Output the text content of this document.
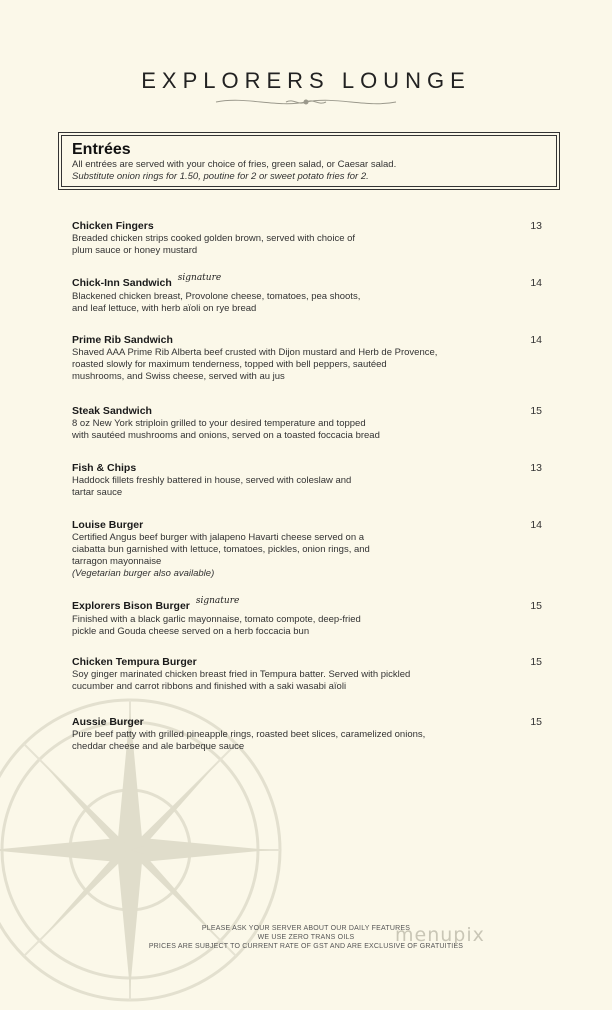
EXPLORERS LOUNGE
Entrées
All entrées are served with your choice of fries, green salad, or Caesar salad.
Substitute onion rings for 1.50, poutine for 2 or sweet potato fries for 2.
Chicken Fingers	13
Breaded chicken strips cooked golden brown, served with choice of
plum sauce or honey mustard
Chick-Inn Sandwich signature	14
Blackened chicken breast, Provolone cheese, tomatoes, pea shoots,
and leaf lettuce, with herb aïoli on rye bread
Prime Rib Sandwich	14
Shaved AAA Prime Rib Alberta beef crusted with Dijon mustard and Herb de Provence,
roasted slowly for maximum tenderness, topped with bell peppers, sautéed
mushrooms, and Swiss cheese, served with au jus
Steak Sandwich	15
8 oz New York striploin grilled to your desired temperature and topped
with sautéed mushrooms and onions, served on a toasted foccacia bread
Fish & Chips	13
Haddock fillets freshly battered in house, served with coleslaw and
tartar sauce
Louise Burger	14
Certified Angus beef burger with jalapeno Havarti cheese served on a
ciabatta bun garnished with lettuce, tomatoes, pickles, onion rings, and
tarragon mayonnaise
(Vegetarian burger also available)
Explorers Bison Burger signature	15
Finished with a black garlic mayonnaise, tomato compote, deep-fried
pickle and Gouda cheese served on a herb foccacia bun
Chicken Tempura Burger	15
Soy ginger marinated chicken breast fried in Tempura batter. Served with pickled
cucumber and carrot ribbons and finished with a saki wasabi aïoli
Aussie Burger	15
Pure beef patty with grilled pineapple rings, roasted beet slices, caramelized onions,
cheddar cheese and ale barbeque sauce
PLEASE ASK YOUR SERVER ABOUT OUR DAILY FEATURES
WE USE ZERO TRANS OILS
PRICES ARE SUBJECT TO CURRENT RATE OF GST AND ARE EXCLUSIVE OF GRATUITIES
menupix
